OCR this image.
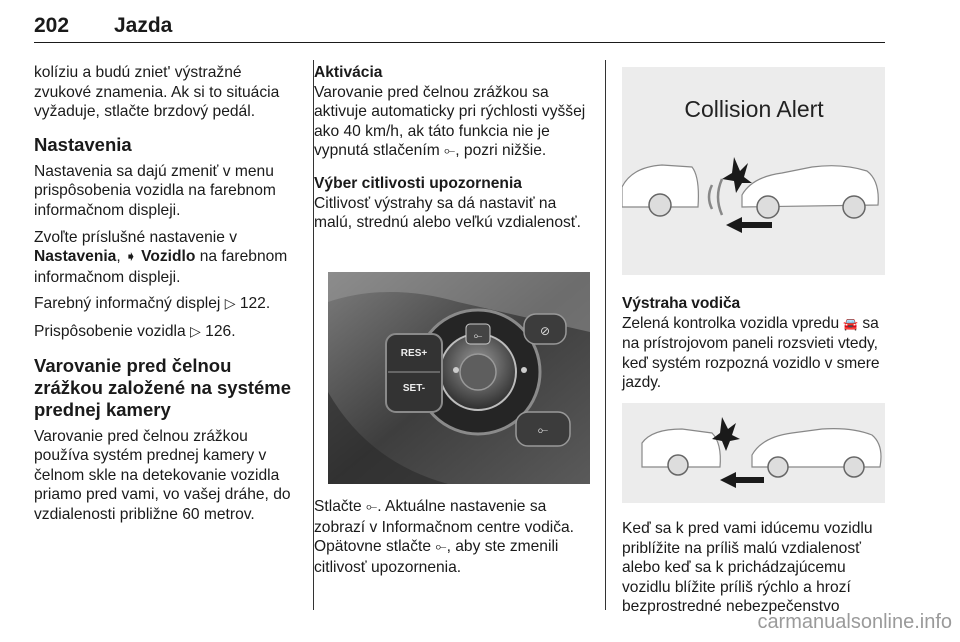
202 Jazda

kolíziu a budú zniet' výstražné zvukové znamenia. Ak si to situácia vyžaduje, stlačte brzdový pedál.

Nastavenia

Nastavenia sa dajú zmeniť v menu prispôsobenia vozidla na farebnom informačnom displeji.

Zvoľte príslušné nastavenie v
Nastavenia, ➧ Vozidlo na farebnom informačnom displeji.

Farebný informačný displej ▷ 122.

Prispôsobenie vozidla ▷ 126.

Varovanie pred čelnou zrážkou založené na systéme prednej kamery

Varovanie pred čelnou zrážkou používa systém prednej kamery v čelnom skle na detekovanie vozidla priamo pred vami, vo vašej dráhe, do vzdialenosti približne 60 metrov.

Aktivácia

Varovanie pred čelnou zrážkou sa aktivuje automaticky pri rýchlosti vyššej ako 40 km/h, ak táto funkcia nie je vypnutá stlačením ⟜, pozri nižšie.

Výber citlivosti upozornenia

Citlivosť výstrahy sa dá nastaviť na malú, strednú alebo veľkú vzdialenosť.

⟜
RES+
SET-
⊘
⟜

Stlačte ⟜. Aktuálne nastavenie sa zobrazí v Informačnom centre vodiča. Opätovne stlačte ⟜, aby ste zmenili citlivosť upozornenia.

Collision Alert
Výstraha vodiča

Zelená kontrolka vozidla vpredu 🚘 sa na prístrojovom paneli rozsvieti vtedy, keď systém rozpozná vozidlo v smere jazdy.

Keď sa k pred vami idúcemu vozidlu priblížite na príliš malú vzdialenosť alebo keď sa k prichádzajúcemu vozidlu blížite príliš rýchlo a hrozí bezprostredné nebezpečenstvo

carmanualsonline.info
